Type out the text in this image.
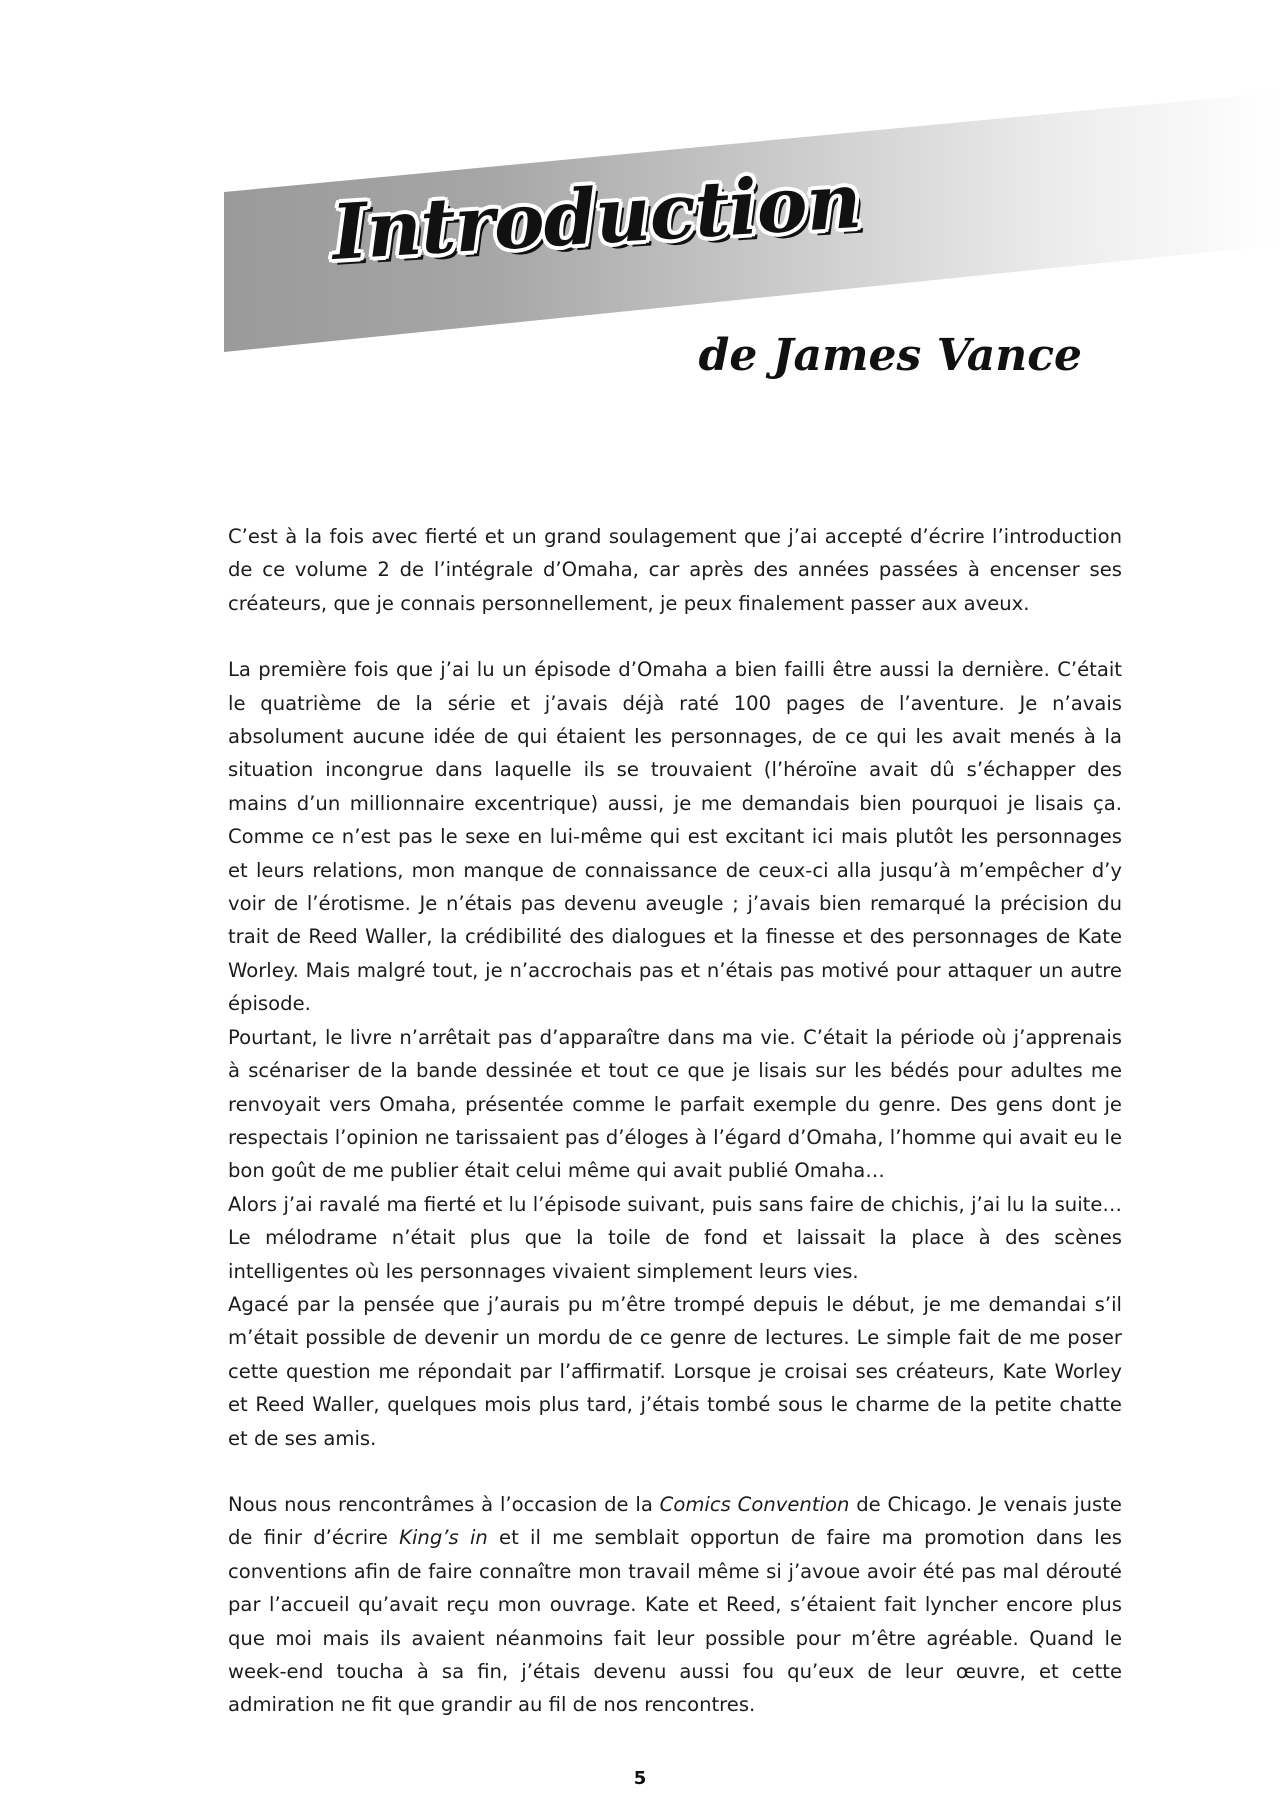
Introduction
de James Vance

C’est à la fois avec fierté et un grand soulagement que j’ai accepté d’écrire l’introduction de ce volume 2 de l’intégrale d’Omaha, car après des années passées à encenser ses créateurs, que je connais personnellement, je peux finalement passer aux aveux.

La première fois que j’ai lu un épisode d’Omaha a bien failli être aussi la dernière. C’était le quatrième de la série et j’avais déjà raté 100 pages de l’aventure. Je n’avais absolument aucune idée de qui étaient les personnages, de ce qui les avait menés à la situation incongrue dans laquelle ils se trouvaient (l’héroïne avait dû s’échapper des mains d’un millionnaire excentrique) aussi, je me demandais bien pourquoi je lisais ça. Comme ce n’est pas le sexe en lui-même qui est excitant ici mais plutôt les personnages et leurs relations, mon manque de connaissance de ceux-ci alla jusqu’à m’empêcher d’y voir de l’érotisme. Je n’étais pas devenu aveugle ; j’avais bien remarqué la précision du trait de Reed Waller, la crédibilité des dialogues et la finesse et des personnages de Kate Worley. Mais malgré tout, je n’accrochais pas et n’étais pas motivé pour attaquer un autre épisode.

Pourtant, le livre n’arrêtait pas d’apparaître dans ma vie. C’était la période où j’apprenais à scénariser de la bande dessinée et tout ce que je lisais sur les bédés pour adultes me renvoyait vers Omaha, présentée comme le parfait exemple du genre. Des gens dont je respectais l’opinion ne tarissaient pas d’éloges à l’égard d’Omaha, l’homme qui avait eu le bon goût de me publier était celui même qui avait publié Omaha…

Alors j’ai ravalé ma fierté et lu l’épisode suivant, puis sans faire de chichis, j’ai lu la suite… Le mélodrame n’était plus que la toile de fond et laissait la place à des scènes intelligentes où les personnages vivaient simplement leurs vies.

Agacé par la pensée que j’aurais pu m’être trompé depuis le début, je me demandai s’il m’était possible de devenir un mordu de ce genre de lectures. Le simple fait de me poser cette question me répondait par l’affirmatif. Lorsque je croisai ses créateurs, Kate Worley et Reed Waller, quelques mois plus tard, j’étais tombé sous le charme de la petite chatte et de ses amis.

Nous nous rencontrâmes à l’occasion de la Comics Convention de Chicago. Je venais juste de finir d’écrire King’s in et il me semblait opportun de faire ma promotion dans les conventions afin de faire connaître mon travail même si j’avoue avoir été pas mal dérouté par l’accueil qu’avait reçu mon ouvrage. Kate et Reed, s’étaient fait lyncher encore plus que moi mais ils avaient néanmoins fait leur possible pour m’être agréable. Quand le week-end toucha à sa fin, j’étais devenu aussi fou qu’eux de leur œuvre, et cette admiration ne fit que grandir au fil de nos rencontres.

5
